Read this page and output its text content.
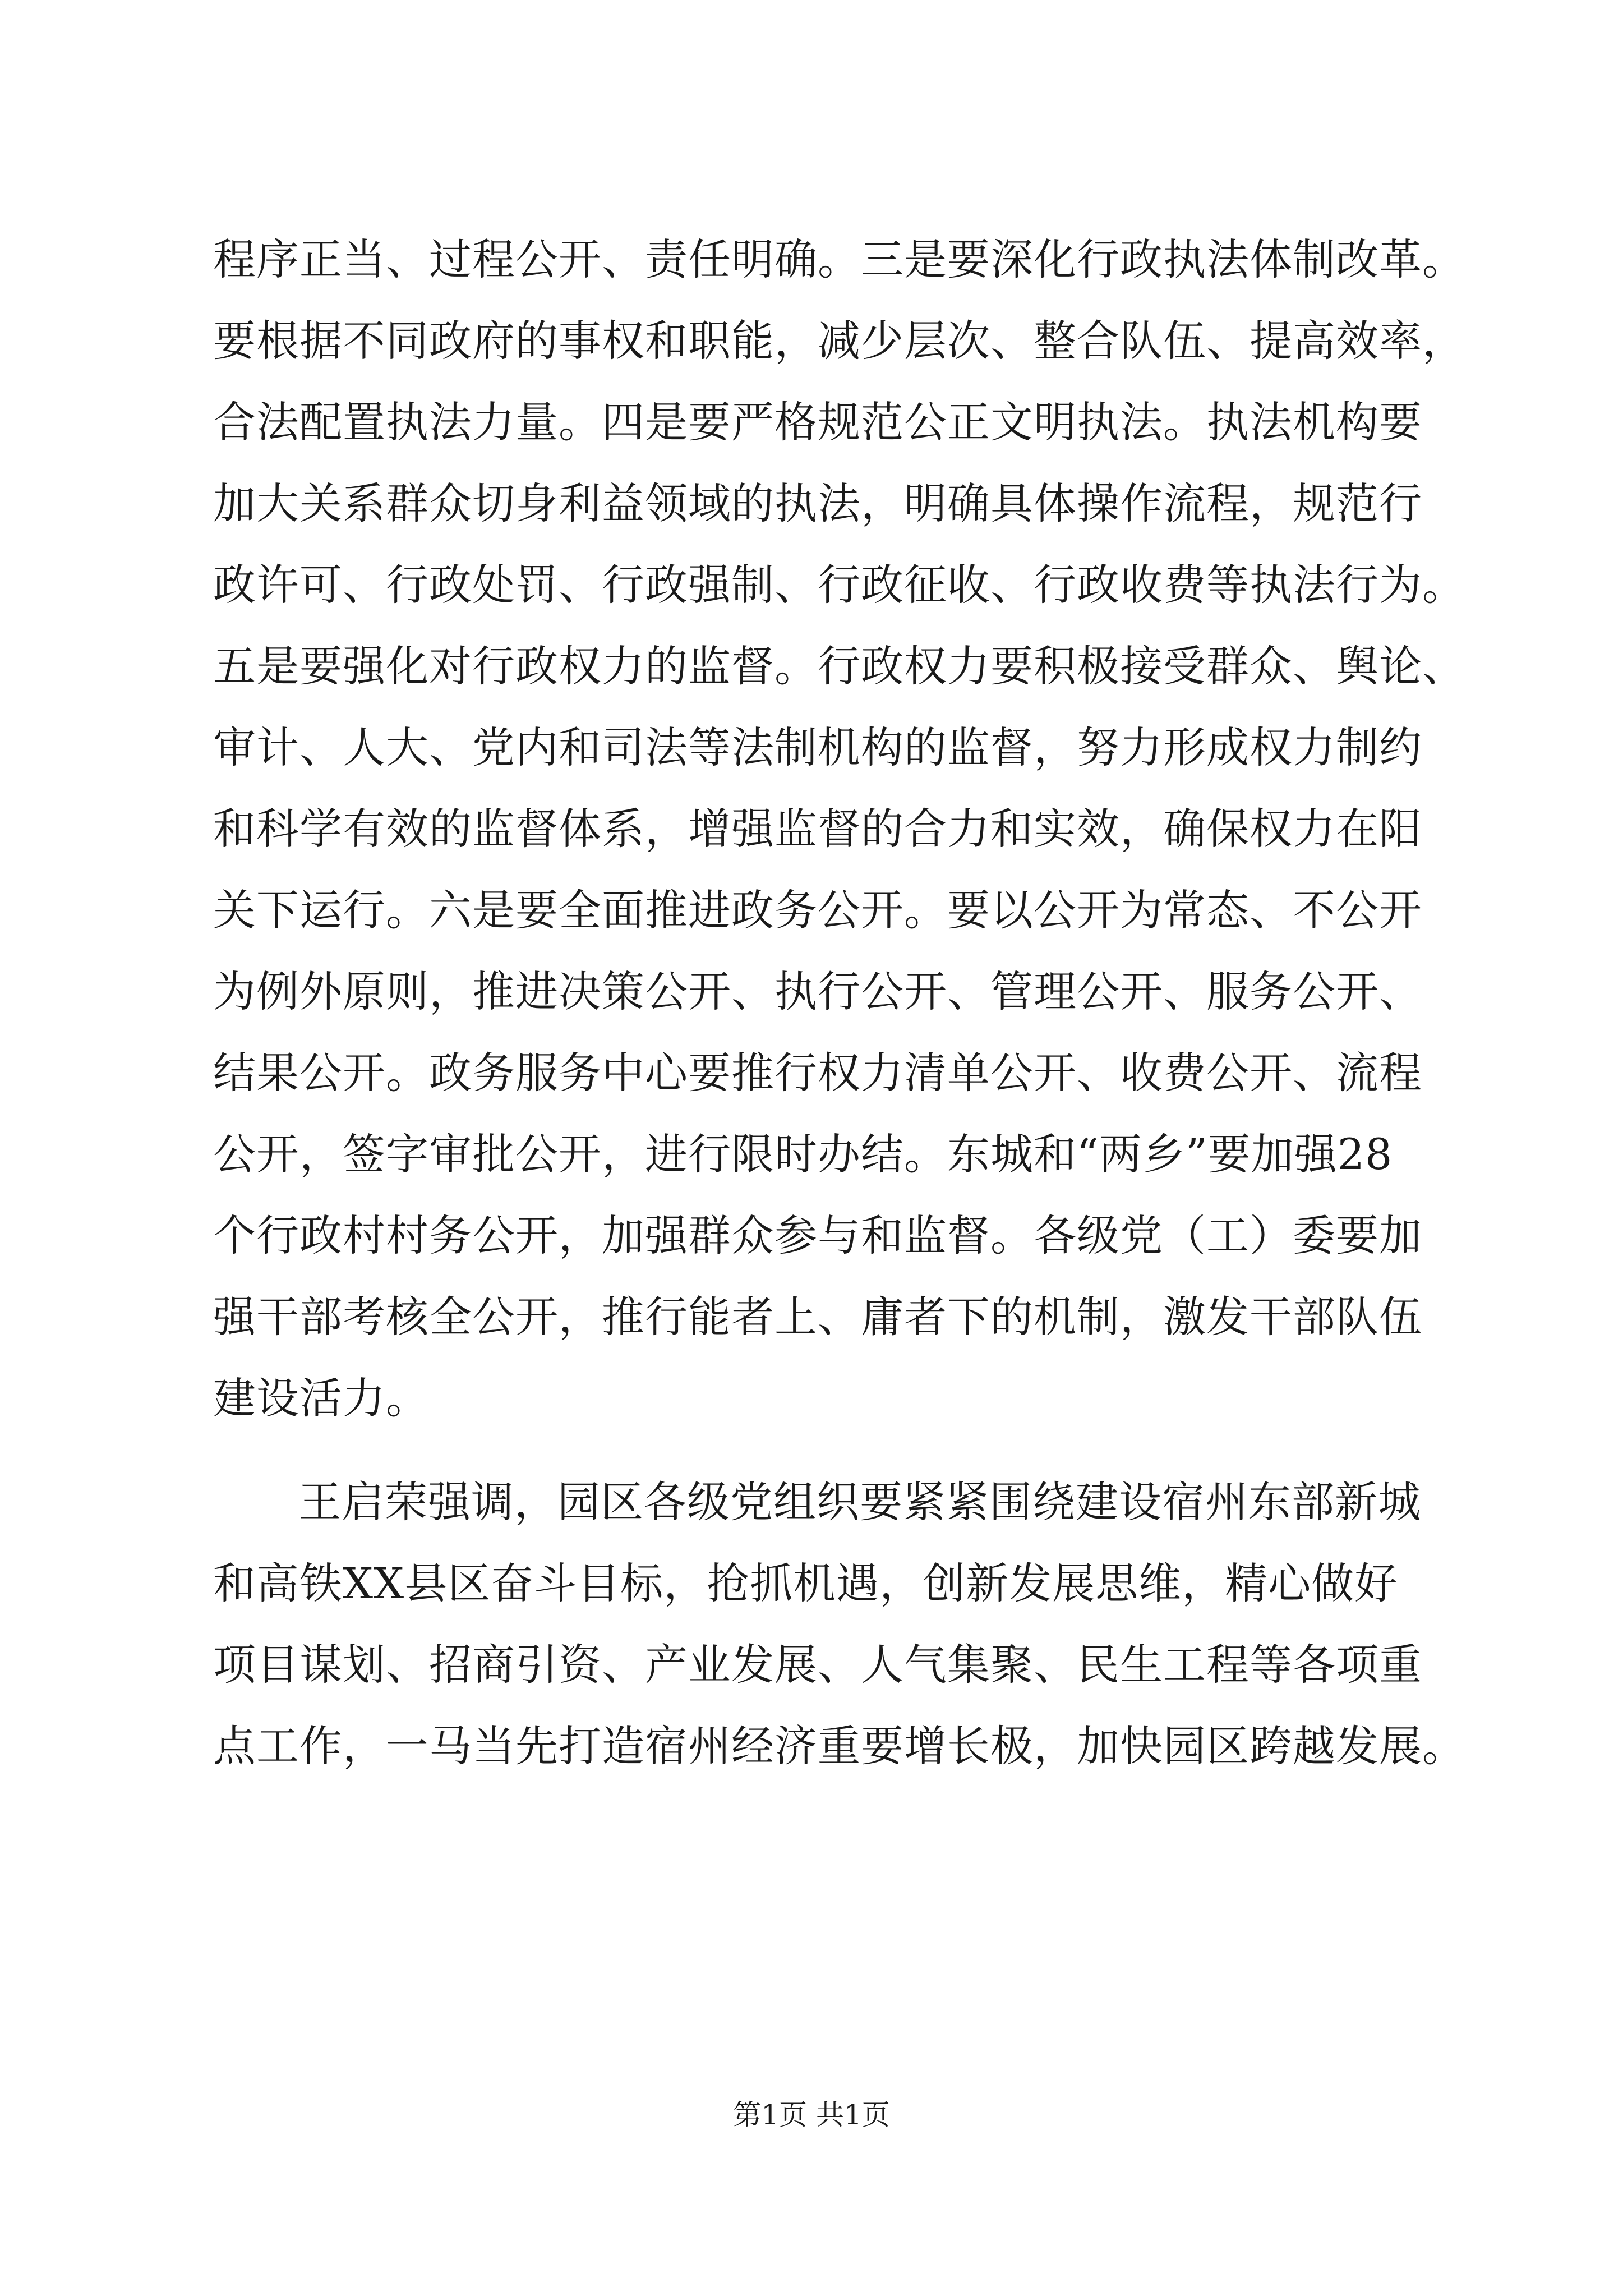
程序正当、过程公开、责任明确。三是要深化行政执法体制改革。
要根据不同政府的事权和职能，减少层次、整合队伍、提高效率，
合法配置执法力量。四是要严格规范公正文明执法。执法机构要
加大关系群众切身利益领域的执法，明确具体操作流程，规范行
政许可、行政处罚、行政强制、行政征收、行政收费等执法行为。
五是要强化对行政权力的监督。行政权力要积极接受群众、舆论、
审计、人大、党内和司法等法制机构的监督，努力形成权力制约
和科学有效的监督体系，增强监督的合力和实效，确保权力在阳
关下运行。六是要全面推进政务公开。要以公开为常态、不公开
为例外原则，推进决策公开、执行公开、管理公开、服务公开、
结果公开。政务服务中心要推行权力清单公开、收费公开、流程
公开，签字审批公开，进行限时办结。东城和“两乡”要加强28
个行政村村务公开，加强群众参与和监督。各级党（工）委要加
强干部考核全公开，推行能者上、庸者下的机制，激发干部队伍
建设活力。
王启荣强调，园区各级党组织要紧紧围绕建设宿州东部新城
和高铁XX县区奋斗目标，抢抓机遇，创新发展思维，精心做好
项目谋划、招商引资、产业发展、人气集聚、民生工程等各项重
点工作，一马当先打造宿州经济重要增长极，加快园区跨越发展。
第1页 共1页
